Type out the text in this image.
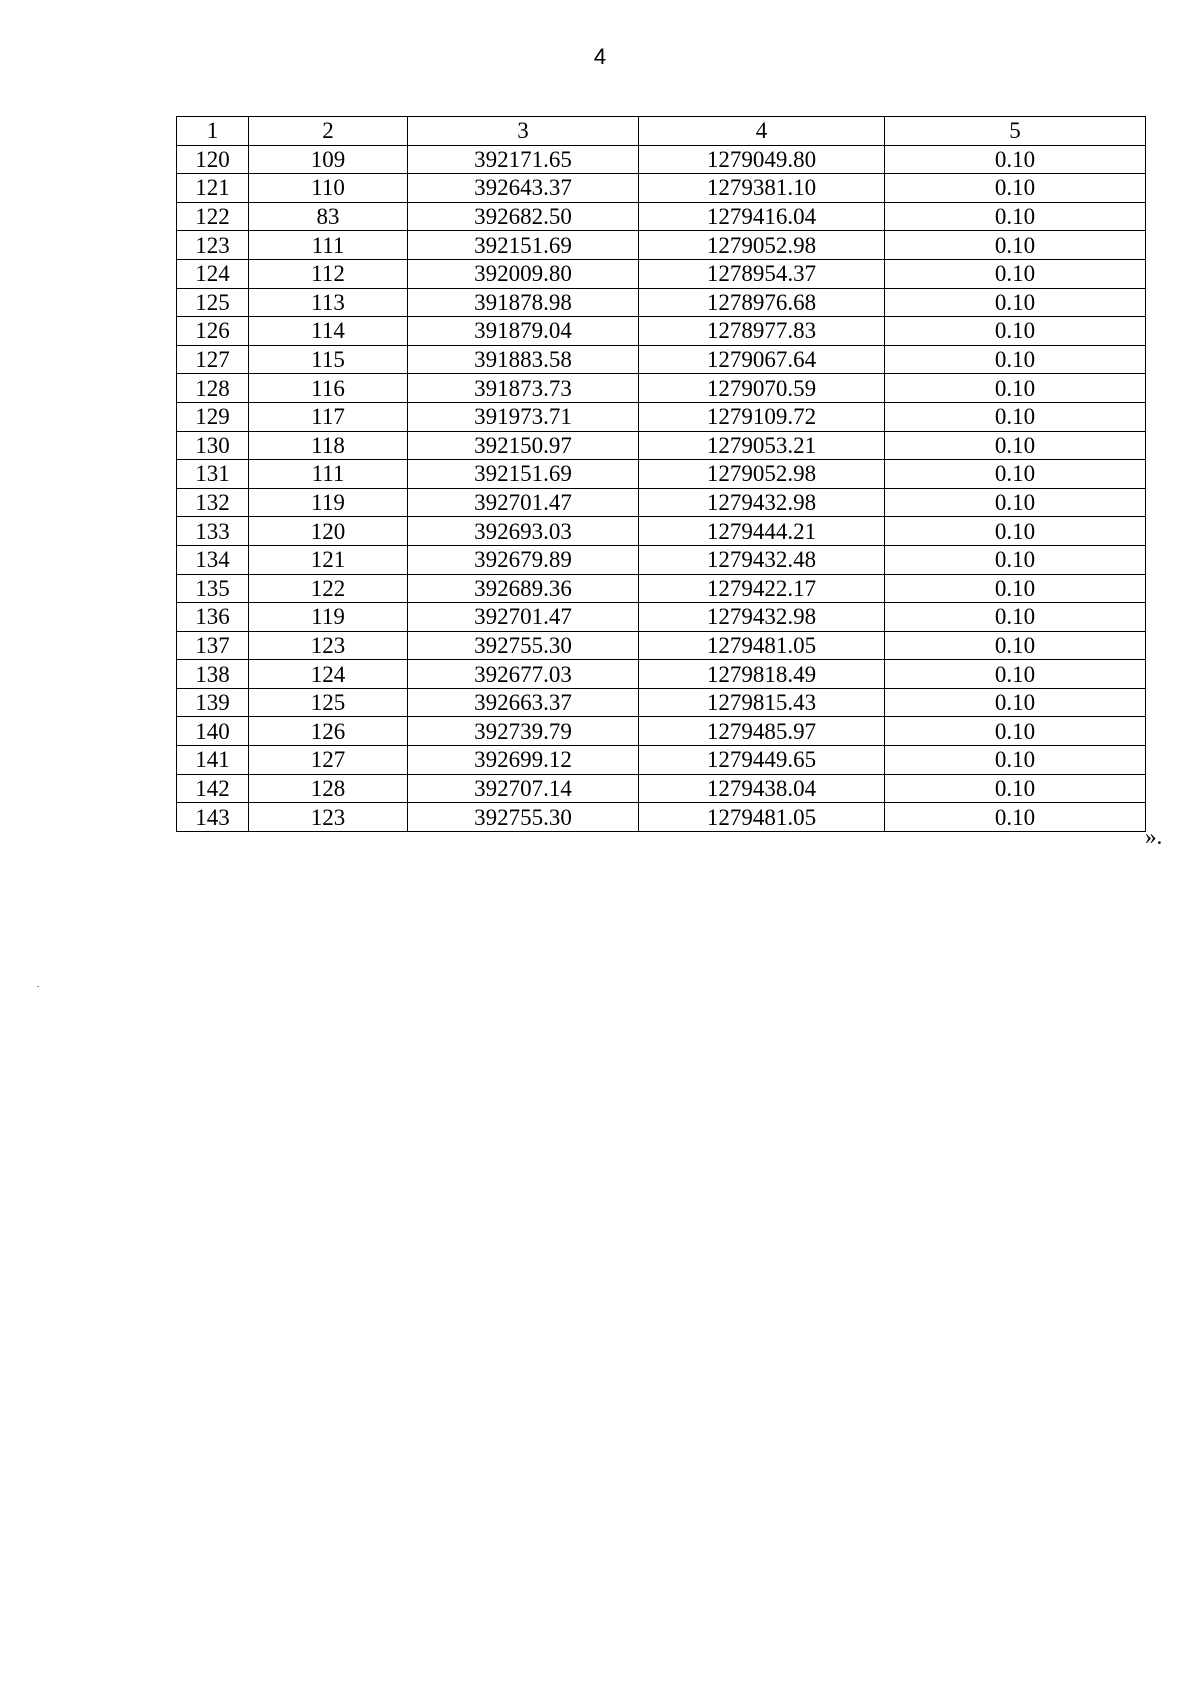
4
1	2	3	4	5
120	109	392171.65	1279049.80	0.10
121	110	392643.37	1279381.10	0.10
122	83	392682.50	1279416.04	0.10
123	111	392151.69	1279052.98	0.10
124	112	392009.80	1278954.37	0.10
125	113	391878.98	1278976.68	0.10
126	114	391879.04	1278977.83	0.10
127	115	391883.58	1279067.64	0.10
128	116	391873.73	1279070.59	0.10
129	117	391973.71	1279109.72	0.10
130	118	392150.97	1279053.21	0.10
131	111	392151.69	1279052.98	0.10
132	119	392701.47	1279432.98	0.10
133	120	392693.03	1279444.21	0.10
134	121	392679.89	1279432.48	0.10
135	122	392689.36	1279422.17	0.10
136	119	392701.47	1279432.98	0.10
137	123	392755.30	1279481.05	0.10
138	124	392677.03	1279818.49	0.10
139	125	392663.37	1279815.43	0.10
140	126	392739.79	1279485.97	0.10
141	127	392699.12	1279449.65	0.10
142	128	392707.14	1279438.04	0.10
143	123	392755.30	1279481.05	0.10
».
